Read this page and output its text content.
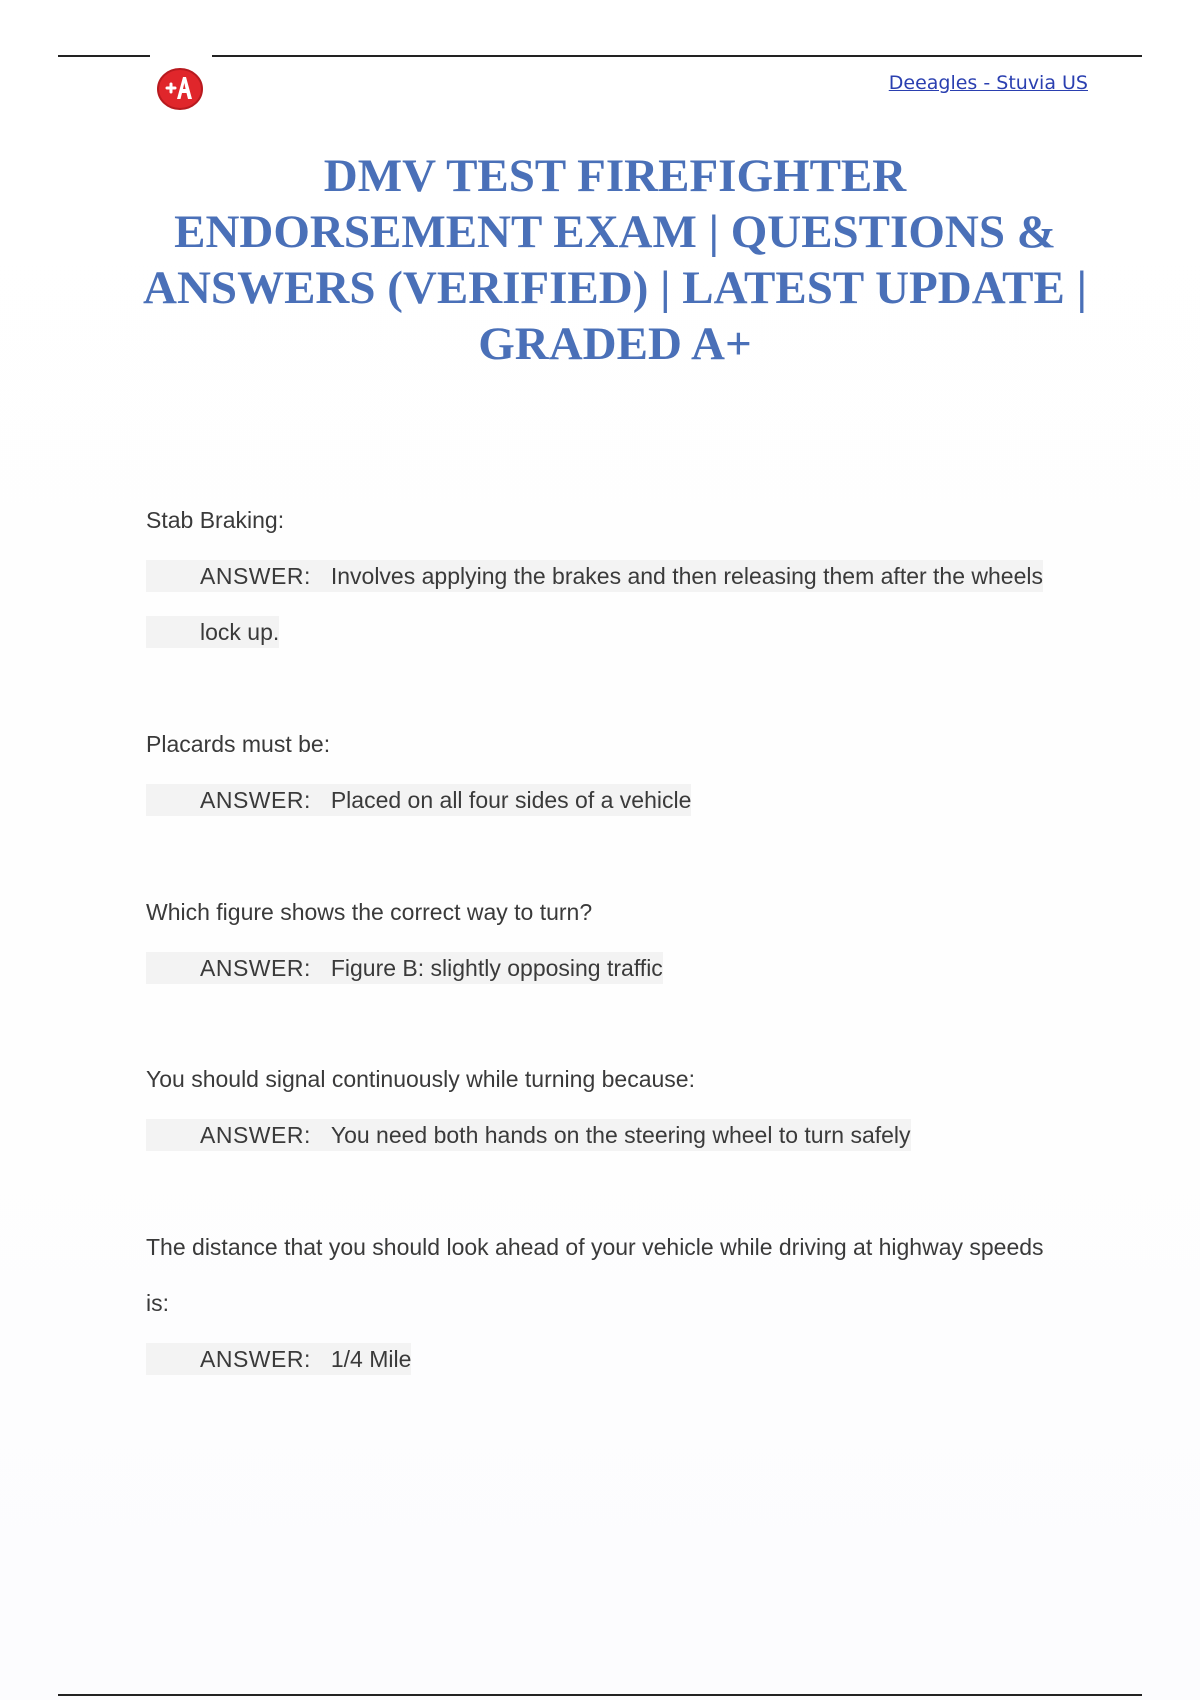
Deeagles - Stuvia US
DMV TEST FIREFIGHTER ENDORSEMENT EXAM | QUESTIONS & ANSWERS (VERIFIED) | LATEST UPDATE | GRADED A+

Stab Braking:

ANSWER: Involves applying the brakes and then releasing them after the wheels lock up.

Placards must be:

ANSWER: Placed on all four sides of a vehicle

Which figure shows the correct way to turn?

ANSWER: Figure B: slightly opposing traffic

You should signal continuously while turning because:

ANSWER: You need both hands on the steering wheel to turn safely

The distance that you should look ahead of your vehicle while driving at highway speeds is:

ANSWER: 1/4 Mile
